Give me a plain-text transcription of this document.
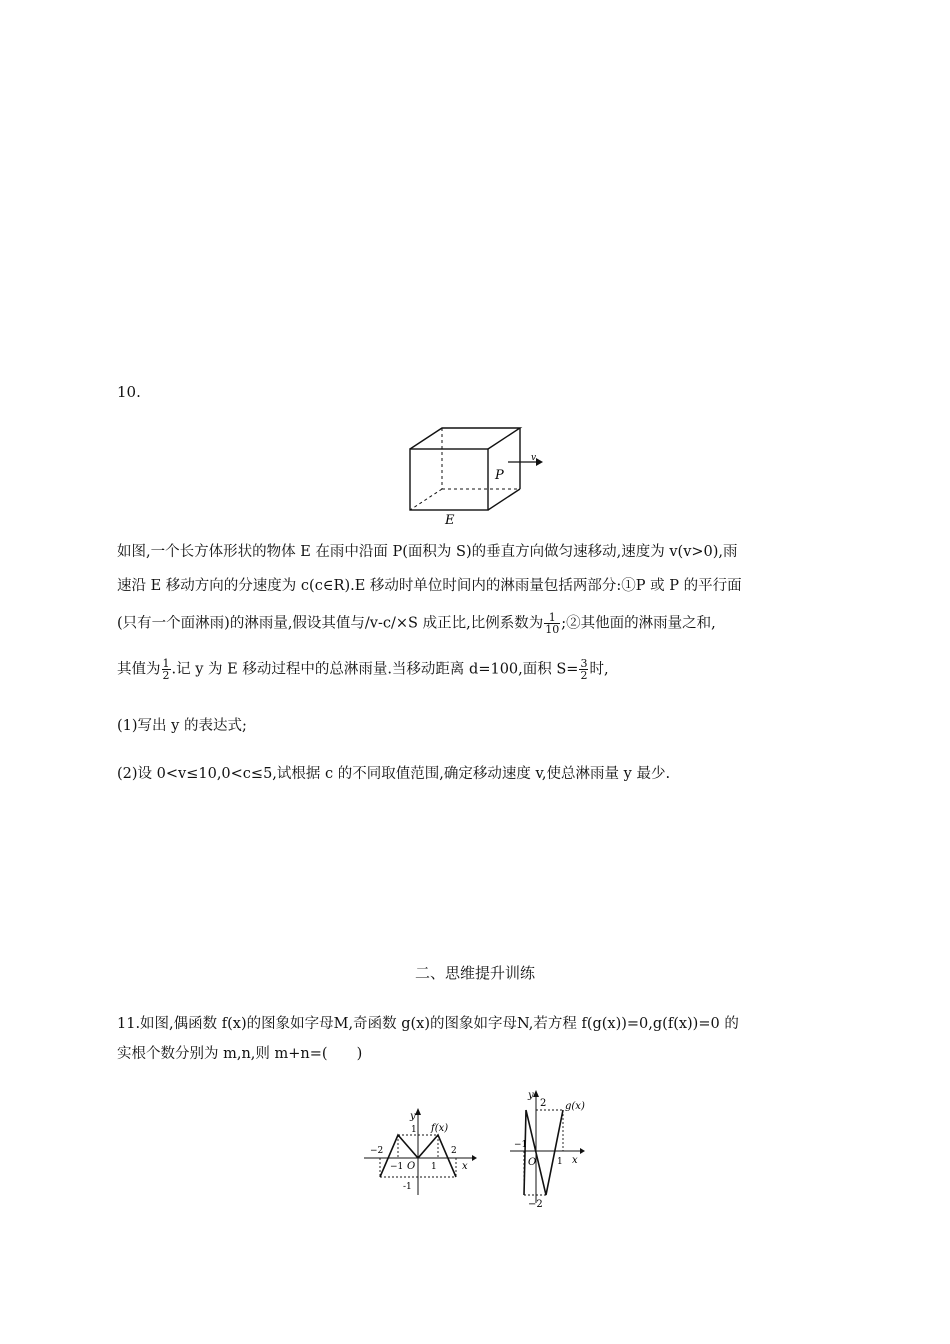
10.
v
P
E
如图,一个长方体形状的物体 E 在雨中沿面 P(面积为 S)的垂直方向做匀速移动,速度为 v(v>0),雨
速沿 E 移动方向的分速度为 c(c∈R).E 移动时单位时间内的淋雨量包括两部分:①P 或 P 的平行面
(只有一个面淋雨)的淋雨量,假设其值与/v-c/×S 成正比,比例系数为 $\frac{1}{10}$ ;②其他面的淋雨量之和,
其值为 $\frac{1}{2}$ .记 y 为 E 移动过程中的总淋雨量.当移动距离 d=100,面积 $S= \frac{3}{2}$ 时,
(1)写出 y 的表达式;
(2)设 0<v≤10,0<c≤5,试根据 c 的不同取值范围,确定移动速度 v,使总淋雨量 y 最少.
二、思维提升训练
11.如图,偶函数 f(x)的图象如字母M,奇函数 g(x)的图象如字母N,若方程 f(g(x))=0,g(f(x))=0 的
实根个数分别为 m,n,则 m+n=(　　)
y
x
f(x)
1
-1
−2
−1 O 1
2
y
x
g(x)
2
−1
O 1
−2
